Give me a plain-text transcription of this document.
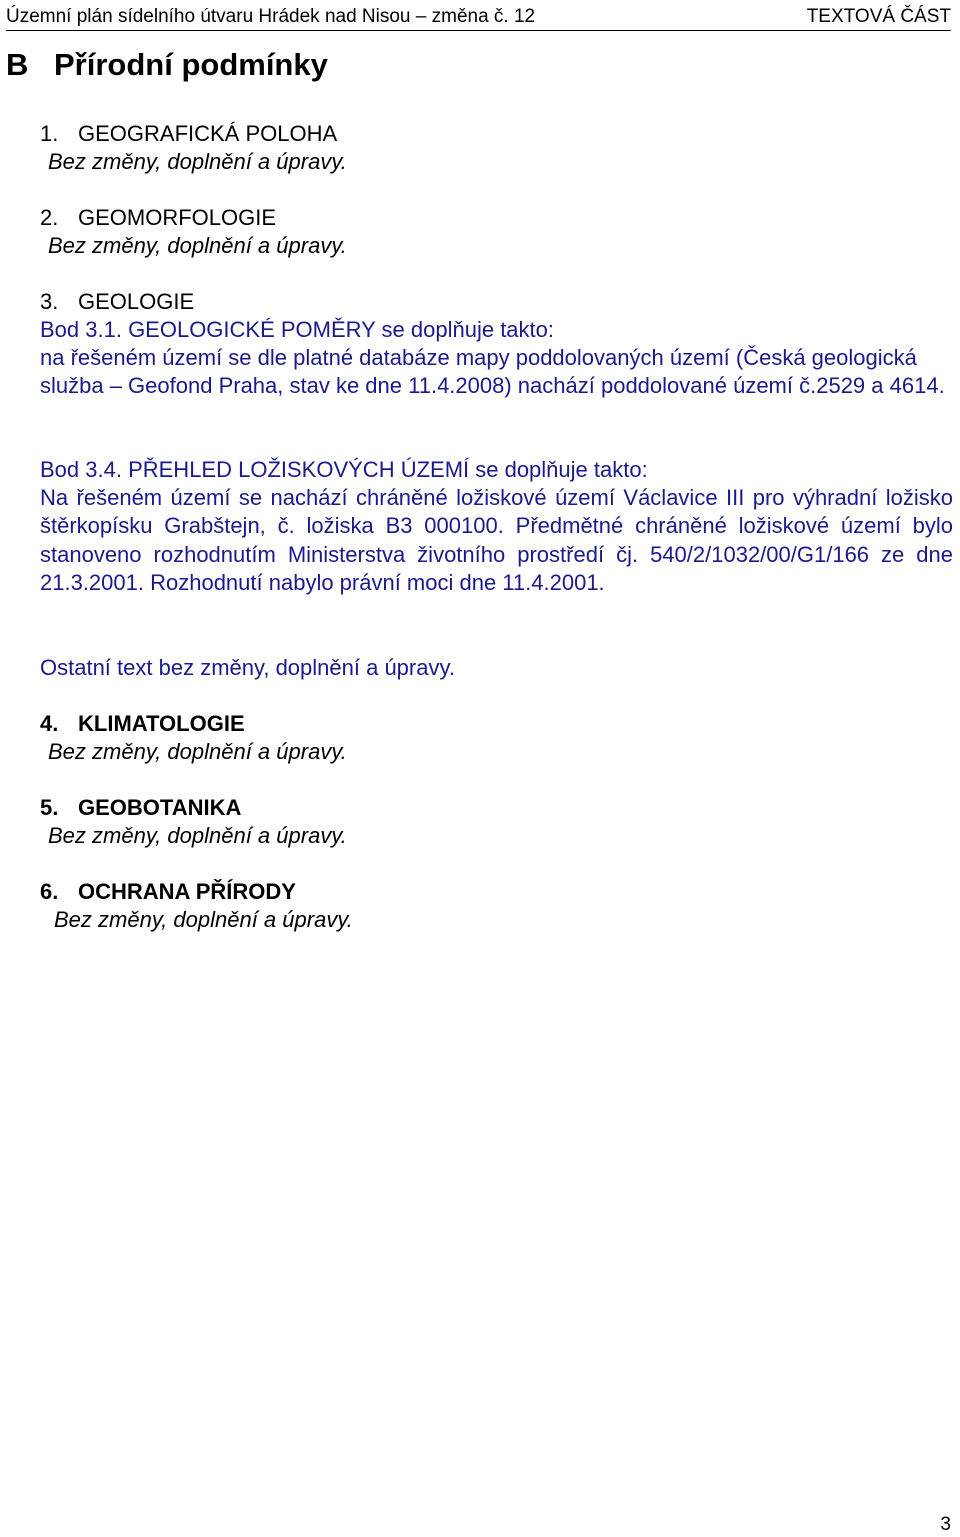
Územní plán sídelního útvaru Hrádek nad Nisou – změna č. 12	TEXTOVÁ ČÁST
B Přírodní podmínky
1. GEOGRAFICKÁ POLOHA
Bez změny, doplnění a úpravy.
2. GEOMORFOLOGIE
Bez změny, doplnění a úpravy.
3. GEOLOGIE
Bod 3.1. GEOLOGICKÉ POMĚRY se doplňuje takto:
na řešeném území se dle platné databáze mapy poddolovaných území (Česká geologická služba – Geofond Praha, stav ke dne 11.4.2008) nachází poddolované území č.2529 a 4614.
Bod 3.4. PŘEHLED LOŽISKOVÝCH ÚZEMÍ se doplňuje takto:
Na řešeném území se nachází chráněné ložiskové území Václavice III pro výhradní ložisko štěrkopísku Grabštejn, č. ložiska B3 000100. Předmětné chráněné ložiskové území bylo stanoveno rozhodnutím Ministerstva životního prostředí čj. 540/2/1032/00/G1/166 ze dne 21.3.2001. Rozhodnutí nabylo právní moci dne 11.4.2001.
Ostatní text bez změny, doplnění a úpravy.
4. KLIMATOLOGIE
Bez změny, doplnění a úpravy.
5. GEOBOTANIKA
Bez změny, doplnění a úpravy.
6. OCHRANA PŘÍRODY
Bez změny, doplnění a úpravy.
3
